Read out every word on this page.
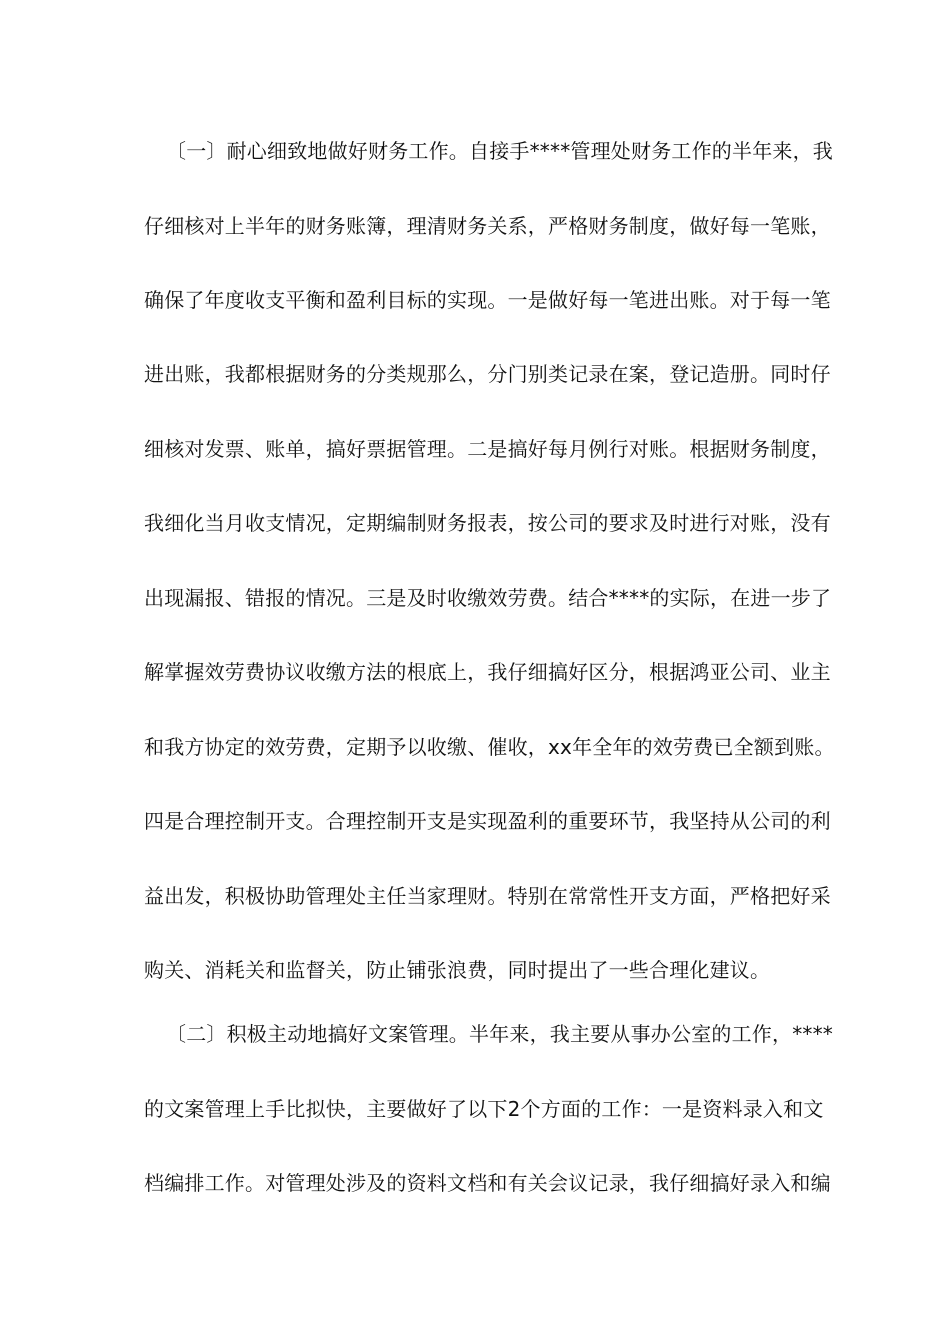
〔一〕耐心细致地做好财务工作。自接手****管理处财务工作的半年来，我
仔细核对上半年的财务账簿，理清财务关系，严格财务制度，做好每一笔账，
确保了年度收支平衡和盈利目标的实现。一是做好每一笔进出账。对于每一笔
进出账，我都根据财务的分类规那么，分门别类记录在案，登记造册。同时仔
细核对发票、账单，搞好票据管理。二是搞好每月例行对账。根据财务制度，
我细化当月收支情况，定期编制财务报表，按公司的要求及时进行对账，没有
出现漏报、错报的情况。三是及时收缴效劳费。结合****的实际，在进一步了
解掌握效劳费协议收缴方法的根底上，我仔细搞好区分，根据鸿亚公司、业主
和我方协定的效劳费，定期予以收缴、催收，xx年全年的效劳费已全额到账。
四是合理控制开支。合理控制开支是实现盈利的重要环节，我坚持从公司的利
益出发，积极协助管理处主任当家理财。特别在常常性开支方面，严格把好采
购关、消耗关和监督关，防止铺张浪费，同时提出了一些合理化建议。
〔二〕积极主动地搞好文案管理。半年来，我主要从事办公室的工作，****
的文案管理上手比拟快，主要做好了以下2个方面的工作：一是资料录入和文
档编排工作。对管理处涉及的资料文档和有关会议记录，我仔细搞好录入和编
